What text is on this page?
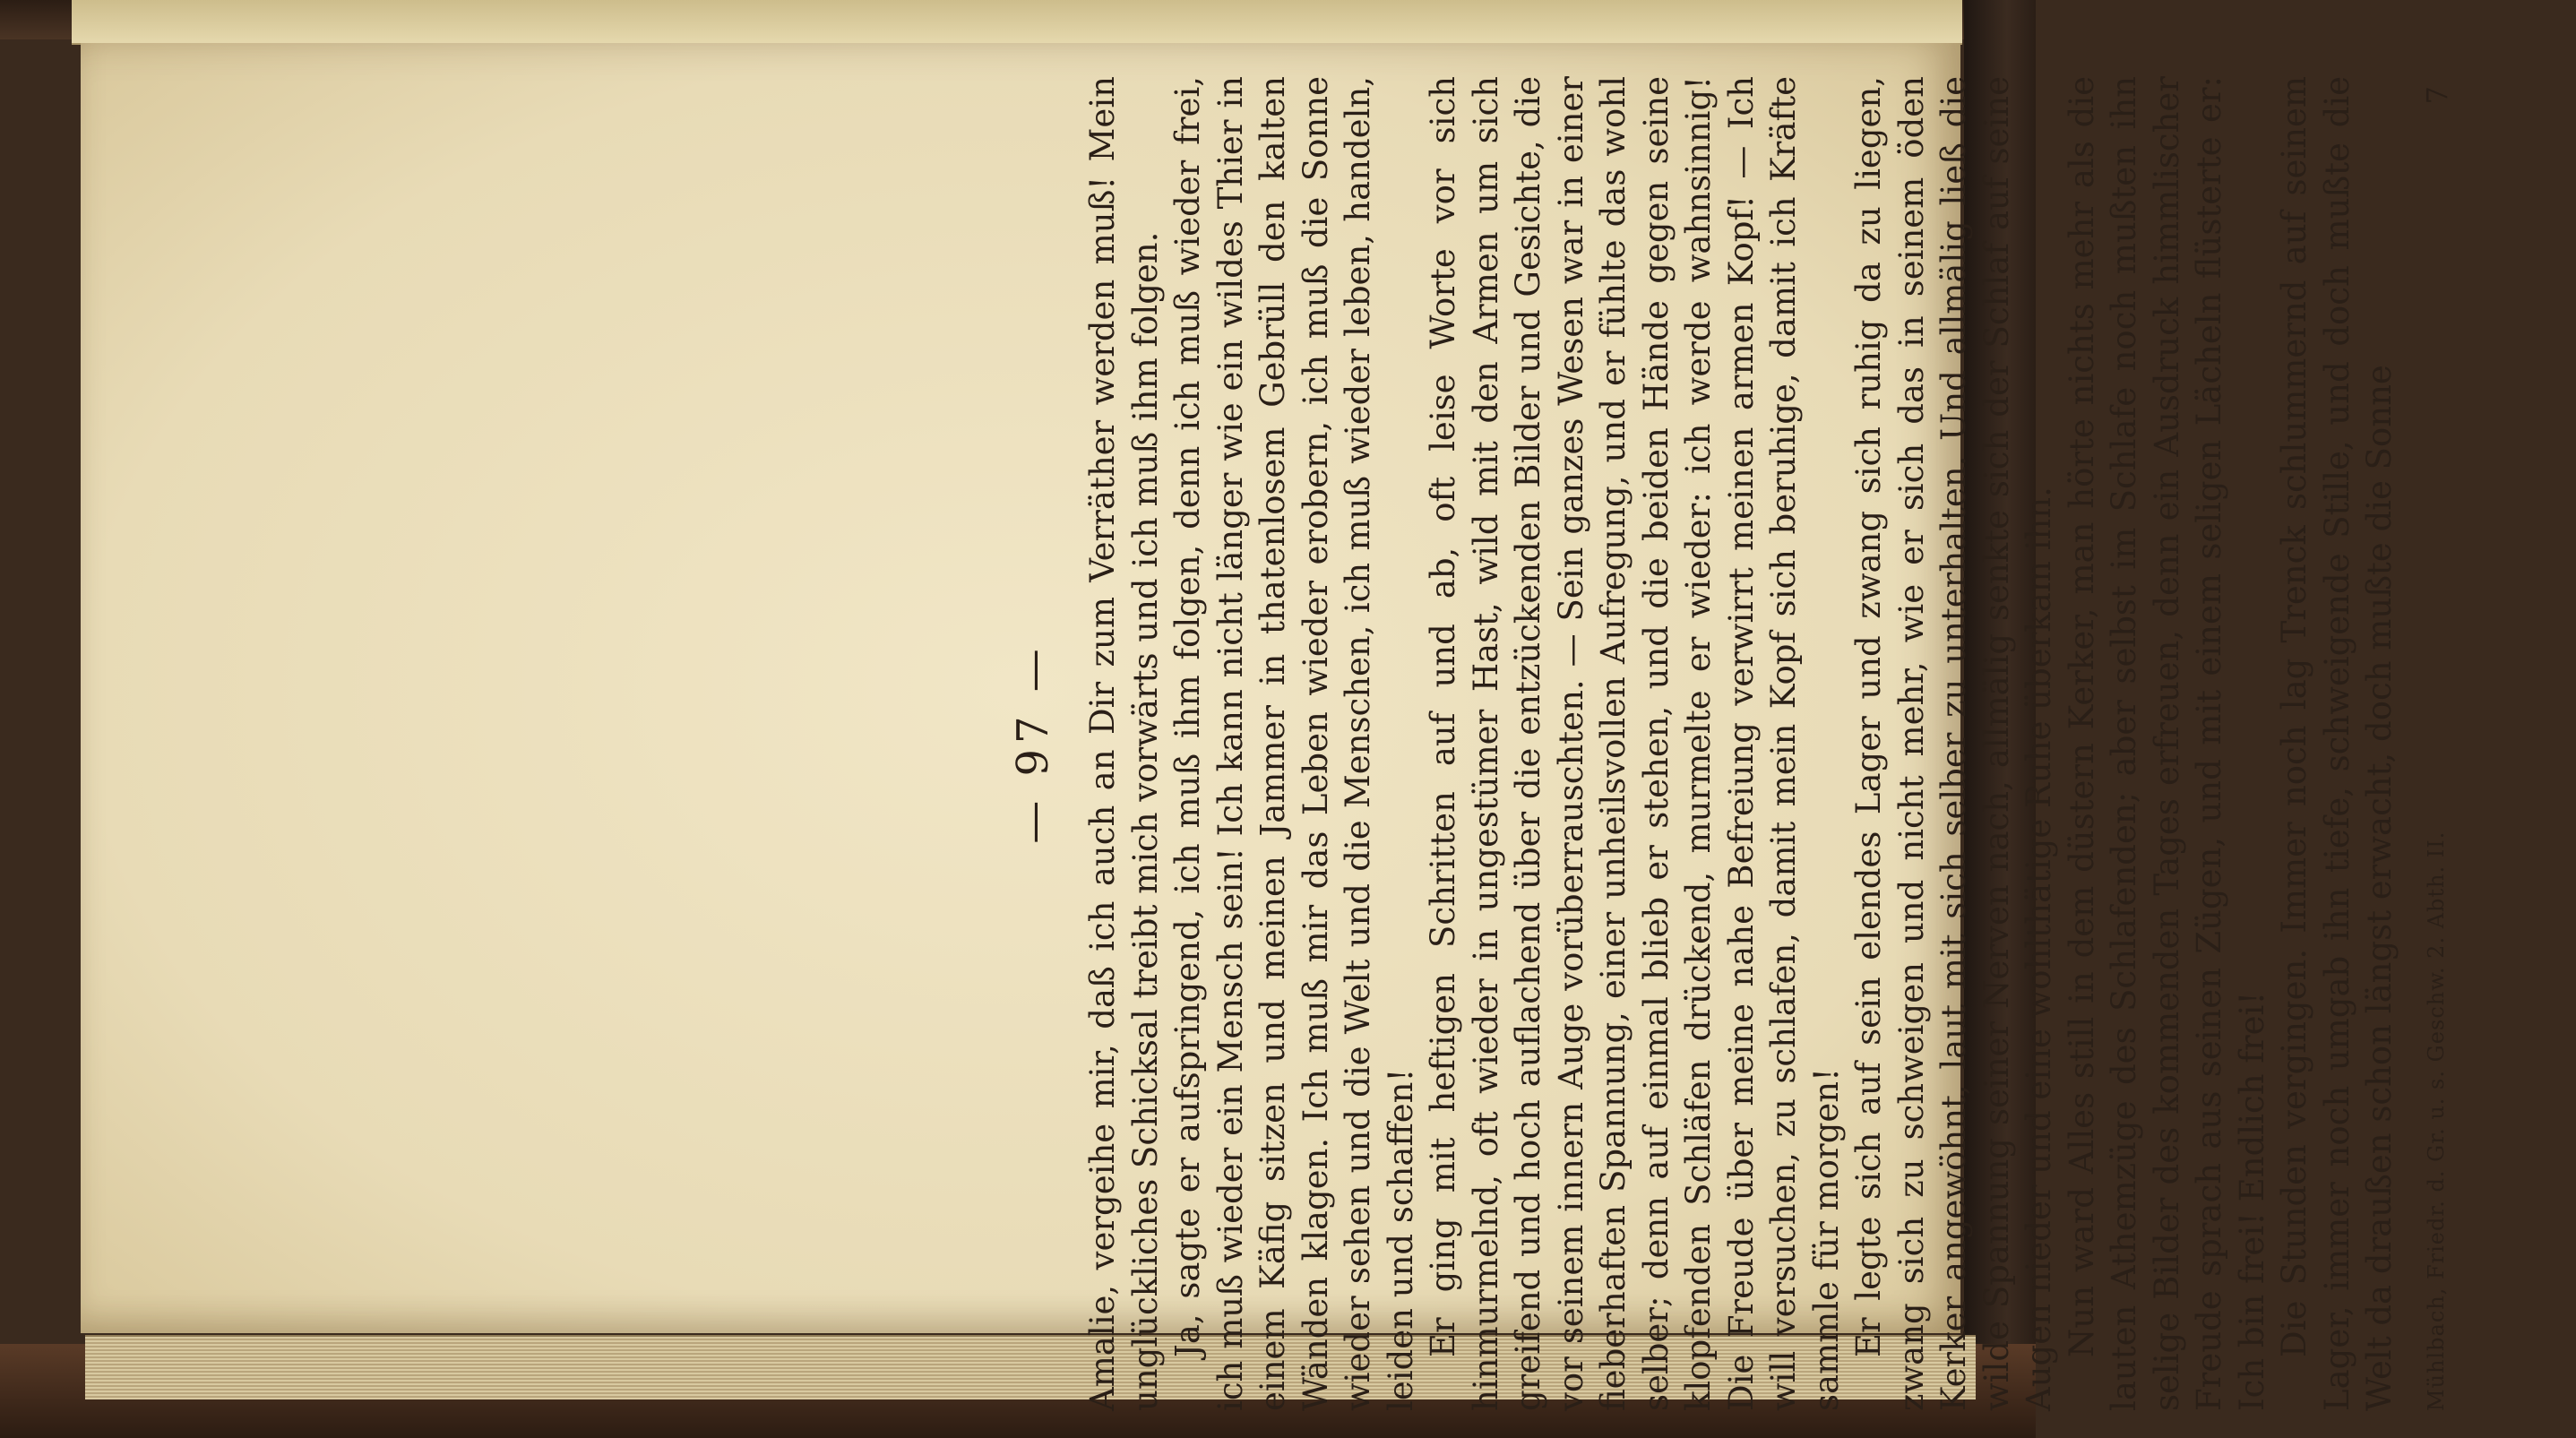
— 97 — Amalie, vergeihe mir, daß ich auch an Dir zum Verräther werden muß! Mein unglückliches Schicksal treibt mich vorwärts und ich muß ihm folgen. Ja, sagte er aufspringend, ich muß ihm folgen, denn ich muß wieder frei, ich muß wieder ein Mensch sein! Ich kann nicht länger wie ein wildes Thier in einem Käfig sitzen und meinen Jammer in thatenlosem Gebrüll den kalten Wänden klagen. Ich muß mir das Leben wieder erobern, ich muß die Sonne wieder sehen und die Welt und die Menschen, ich muß wieder leben, handeln, leiden und schaffen! Er ging mit heftigen Schritten auf und ab, oft leise Worte vor sich hinmurmelnd, oft wieder in ungestümer Hast, wild mit den Armen um sich greifend und hoch auflachend über die entzückenden Bilder und Gesichte, die vor seinem innern Auge vorüberrauschten. — Sein ganzes Wesen war in einer fieberhaften Spannung, einer unheilsvollen Aufregung, und er fühlte das wohl selber; denn auf einmal blieb er stehen, und die beiden Hände gegen seine klopfenden Schläfen drückend, murmelte er wieder: ich werde wahnsinnig! Die Freude über meine nahe Befreiung verwirrt meinen armen Kopf! — Ich will versuchen, zu schlafen, damit mein Kopf sich beruhige, damit ich Kräfte sammle für morgen! Er legte sich auf sein elendes Lager und zwang sich ruhig da zu liegen, zwang sich zu schweigen und nicht mehr, wie er sich das in seinem öden Kerker angewöhnt, laut mit sich selber zu unterhalten. Und allmälig ließ die wilde Spannung seiner Nerven nach, allmälig senkte sich der Schlaf auf seine Augen nieder und eine wohlthätige Ruhe überkam ihn. Nun ward Alles still in dem düstern Kerker, man hörte nichts mehr als die lauten Athemzüge des Schlafenden; aber selbst im Schlafe noch mußten ihn selige Bilder des kommenden Tages erfreuen, denn ein Ausdruck himmlischer Freude sprach aus seinen Zügen, und mit einem seligen Lächeln flüsterte er: Ich bin frei! Endlich frei! Die Stunden vergingen. Immer noch lag Trenck schlummernd auf seinem Lager, immer noch umgab ihn tiefe, schweigende Stille, und doch mußte die Welt da draußen schon längst erwacht, doch mußte die Sonne Mühlbach, Friedr. d. Gr. u. s. Geschw. 2. Abth. II.
7
